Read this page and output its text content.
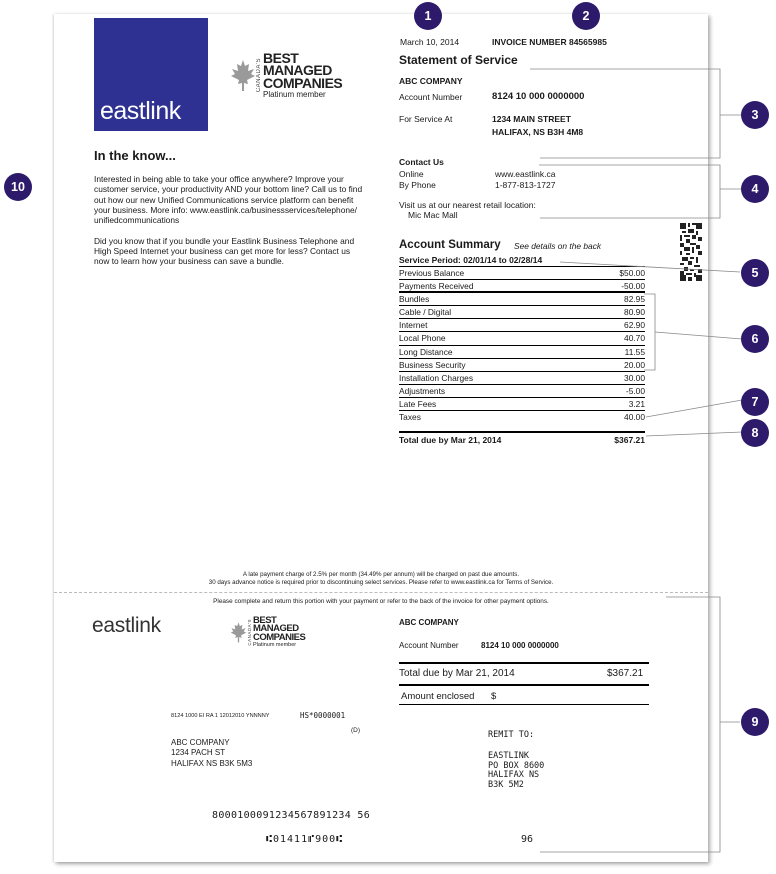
eastlink
CANADA'S BEST
MANAGED
COMPANIES
Platinum member
March 10, 2014	INVOICE NUMBER 84565985
Statement of Service
ABC COMPANY
Account Number	8124 10 000 0000000
For Service At	1234 MAIN STREET
HALIFAX, NS B3H 4M8
Contact Us
Online	www.eastlink.ca
By Phone	1-877-813-1727
Visit us at our nearest retail location:
Mic Mac Mall
Account Summary See details on the back
Service Period: 02/01/14 to 02/28/14
Previous Balance	$50.00
Payments Received	-50.00
Bundles	82.95
Cable / Digital	80.90
Internet	62.90
Local Phone	40.70
Long Distance	11.55
Business Security	20.00
Installation Charges	30.00
Adjustments	-5.00
Late Fees	3.21
Taxes	40.00
Total due by Mar 21, 2014	$367.21
In the know...

Interested in being able to take your office anywhere? Improve your customer service, your productivity AND your bottom line? Call us to find out how our new Unified Communications service platform can benefit your business. More info: www.eastlink.ca/businessservices/telephone/ unifiedcommunications

Did you know that if you bundle your Eastlink Business Telephone and High Speed Internet your business can get more for less? Contact us now to learn how your business can save a bundle.

A late payment charge of 2.5% per month (34.49% per annum) will be charged on past due amounts.
30 days advance notice is required prior to discontinuing select services. Please refer to www.eastlink.ca for Terms of Service.
Please complete and return this portion with your payment or refer to the back of the invoice for other payment options.
eastlink	CANADA'S BEST
MANAGED
COMPANIES
Platinum member
ABC COMPANY
Account Number	8124 10 000 0000000
Total due by Mar 21, 2014	$367.21
Amount enclosed $
8124 1000 EI RA 1 12012010 YNNNNY	HS*0000001
(D)
ABC COMPANY
1234 PACH ST
HALIFAX NS B3K 5M3
REMIT TO:
EASTLINK
PO BOX 8600
HALIFAX NS
B3K 5M2
8000100091234567891234 56
⑆01411⑈900⑆	96
1	2
3
4
5
6
7
8
9
10
